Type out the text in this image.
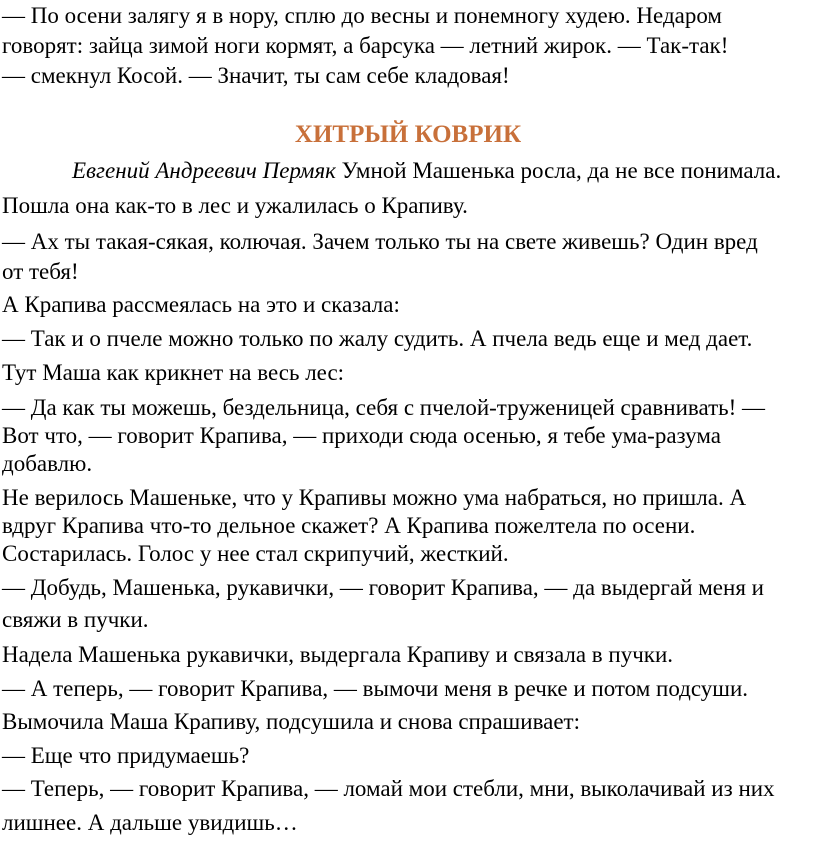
— По осени залягу я в нору, сплю до весны и понемногу худею. Недаром
говорят: зайца зимой ноги кормят, а барсука — летний жирок. — Так-так!
— смекнул Косой. — Значит, ты сам себе кладовая!
ХИТРЫЙ КОВРИК
Евгений Андреевич Пермяк Умной Машенька росла, да не все понимала.
Пошла она как-то в лес и ужалилась о Крапиву.
— Ах ты такая-сякая, колючая. Зачем только ты на свете живешь? Один вред
от тебя!
А Крапива рассмеялась на это и сказала:
— Так и о пчеле можно только по жалу судить. А пчела ведь еще и мед дает.
Тут Маша как крикнет на весь лес:
— Да как ты можешь, бездельница, себя с пчелой-труженицей сравнивать! —
Вот что, — говорит Крапива, — приходи сюда осенью, я тебе ума-разума
добавлю.
Не верилось Машеньке, что у Крапивы можно ума набраться, но пришла. А
вдруг Крапива что-то дельное скажет? А Крапива пожелтела по осени.
Состарилась. Голос у нее стал скрипучий, жесткий.
— Добудь, Машенька, рукавички, — говорит Крапива, — да выдергай меня и
свяжи в пучки.
Надела Машенька рукавички, выдергала Крапиву и связала в пучки.
— А теперь, — говорит Крапива, — вымочи меня в речке и потом подсуши.
Вымочила Маша Крапиву, подсушила и снова спрашивает:
— Еще что придумаешь?
— Теперь, — говорит Крапива, — ломай мои стебли, мни, выколачивай из них
лишнее. А дальше увидишь…
